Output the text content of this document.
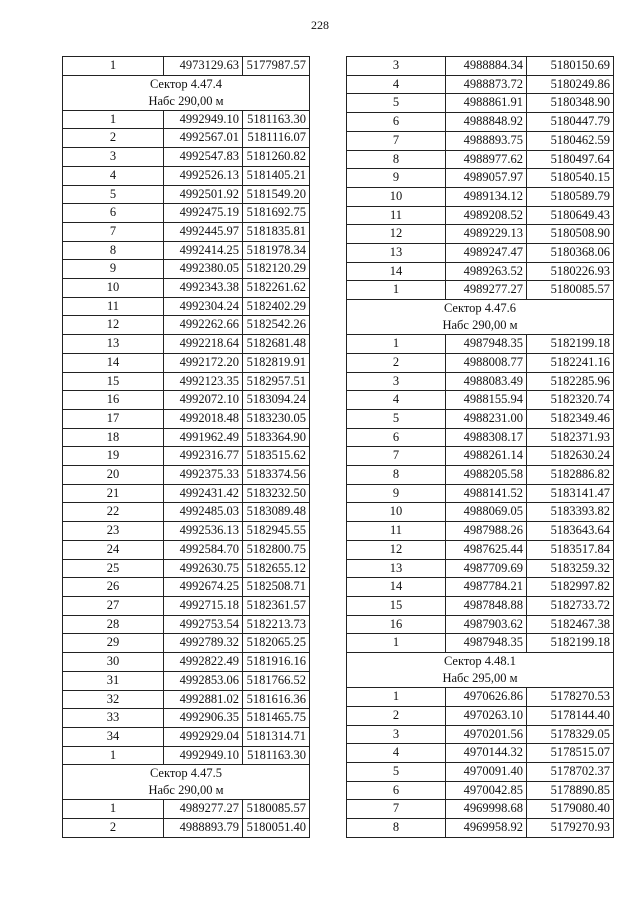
228
1	4973129.63	5177987.57

Сектор 4.47.4
Набс 290,00 м		

1	4992949.10	5181163.30
2	4992567.01	5181116.07
3	4992547.83	5181260.82
4	4992526.13	5181405.21
5	4992501.92	5181549.20
6	4992475.19	5181692.75
7	4992445.97	5181835.81
8	4992414.25	5181978.34
9	4992380.05	5182120.29
10	4992343.38	5182261.62
11	4992304.24	5182402.29
12	4992262.66	5182542.26
13	4992218.64	5182681.48
14	4992172.20	5182819.91
15	4992123.35	5182957.51
16	4992072.10	5183094.24
17	4992018.48	5183230.05
18	4991962.49	5183364.90
19	4992316.77	5183515.62
20	4992375.33	5183374.56
21	4992431.42	5183232.50
22	4992485.03	5183089.48
23	4992536.13	5182945.55
24	4992584.70	5182800.75
25	4992630.75	5182655.12
26	4992674.25	5182508.71
27	4992715.18	5182361.57
28	4992753.54	5182213.73
29	4992789.32	5182065.25
30	4992822.49	5181916.16
31	4992853.06	5181766.52
32	4992881.02	5181616.36
33	4992906.35	5181465.75
34	4992929.04	5181314.71
1	4992949.10	5181163.30

Сектор 4.47.5
Набс 290,00 м		

1	4989277.27	5180085.57
2	4988893.79	5180051.40
3	4988884.34	5180150.69
4	4988873.72	5180249.86
5	4988861.91	5180348.90
6	4988848.92	5180447.79
7	4988893.75	5180462.59
8	4988977.62	5180497.64
9	4989057.97	5180540.15
10	4989134.12	5180589.79
11	4989208.52	5180649.43
12	4989229.13	5180508.90
13	4989247.47	5180368.06
14	4989263.52	5180226.93
1	4989277.27	5180085.57

Сектор 4.47.6
Набс 290,00 м		

1	4987948.35	5182199.18
2	4988008.77	5182241.16
3	4988083.49	5182285.96
4	4988155.94	5182320.74
5	4988231.00	5182349.46
6	4988308.17	5182371.93
7	4988261.14	5182630.24
8	4988205.58	5182886.82
9	4988141.52	5183141.47
10	4988069.05	5183393.82
11	4987988.26	5183643.64
12	4987625.44	5183517.84
13	4987709.69	5183259.32
14	4987784.21	5182997.82
15	4987848.88	5182733.72
16	4987903.62	5182467.38
1	4987948.35	5182199.18

Сектор 4.48.1
Набс 295,00 м		

1	4970626.86	5178270.53
2	4970263.10	5178144.40
3	4970201.56	5178329.05
4	4970144.32	5178515.07
5	4970091.40	5178702.37
6	4970042.85	5178890.85
7	4969998.68	5179080.40
8	4969958.92	5179270.93
